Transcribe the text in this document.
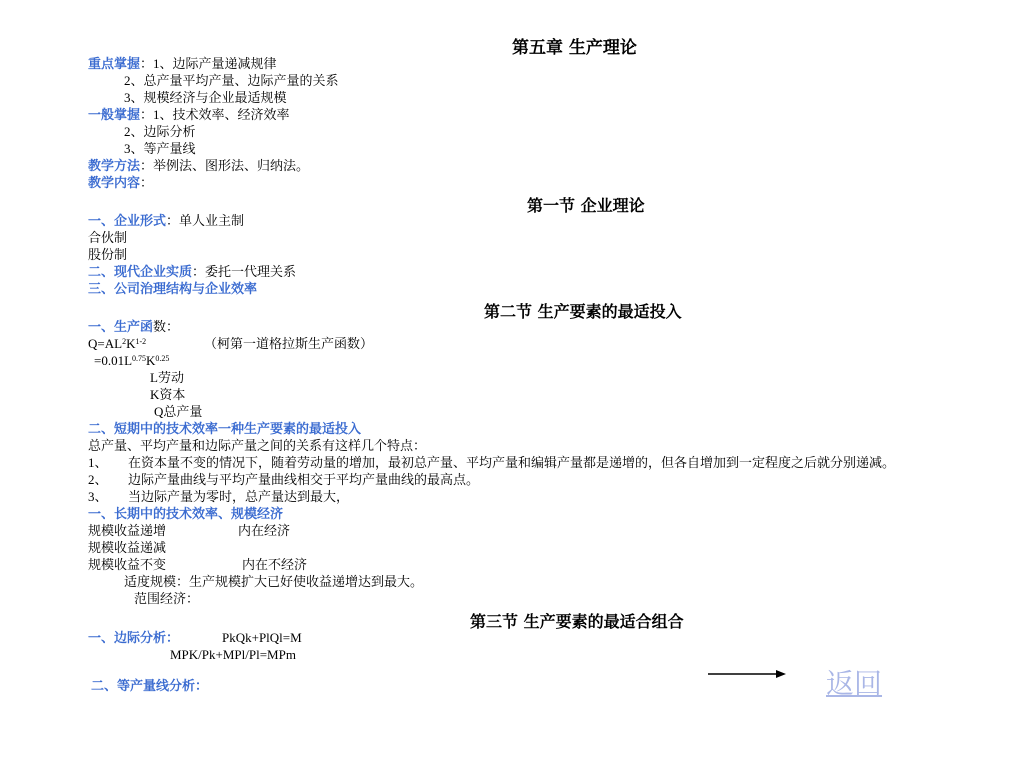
第五章 生产理论
重点掌握：1、边际产量递减规律
2、总产量平均产量、边际产量的关系
3、规模经济与企业最适规模
一般掌握：1、技术效率、经济效率
2、边际分析
3、等产量线
教学方法：举例法、图形法、归纳法。
教学内容：
第一节 企业理论
一、企业形式：单人业主制
合伙制
股份制
二、现代企业实质：委托一代理关系
三、公司治理结构与企业效率
第二节 生产要素的最适投入
一、生产函数：
$Q=AL^2K^{1-2}$	（柯第一道格拉斯生产函数）
$=0.01L^{0.75}K^{0.25}$
L劳动
K资本
Q总产量
二、短期中的技术效率一种生产要素的最适投入
总产量、平均产量和边际产量之间的关系有这样几个特点：
1、 在资本量不变的情况下，随着劳动量的增加，最初总产量、平均产量和编辑产量都是递增的，但各自增加到一定程度之后就分别递减。
2、 边际产量曲线与平均产量曲线相交于平均产量曲线的最高点。
3、 当边际产量为零时，总产量达到最大，
一、长期中的技术效率、规模经济
规模收益递增	内在经济
规模收益递减
规模收益不变	内在不经济
适度规模：生产规模扩大已好使收益递增达到最大。
范围经济：
第三节 生产要素的最适合组合
一、边际分析：	PkQk+PlQl=M
MPK/Pk+MPl/Pl=MPm
二、等产量线分析：	返回
